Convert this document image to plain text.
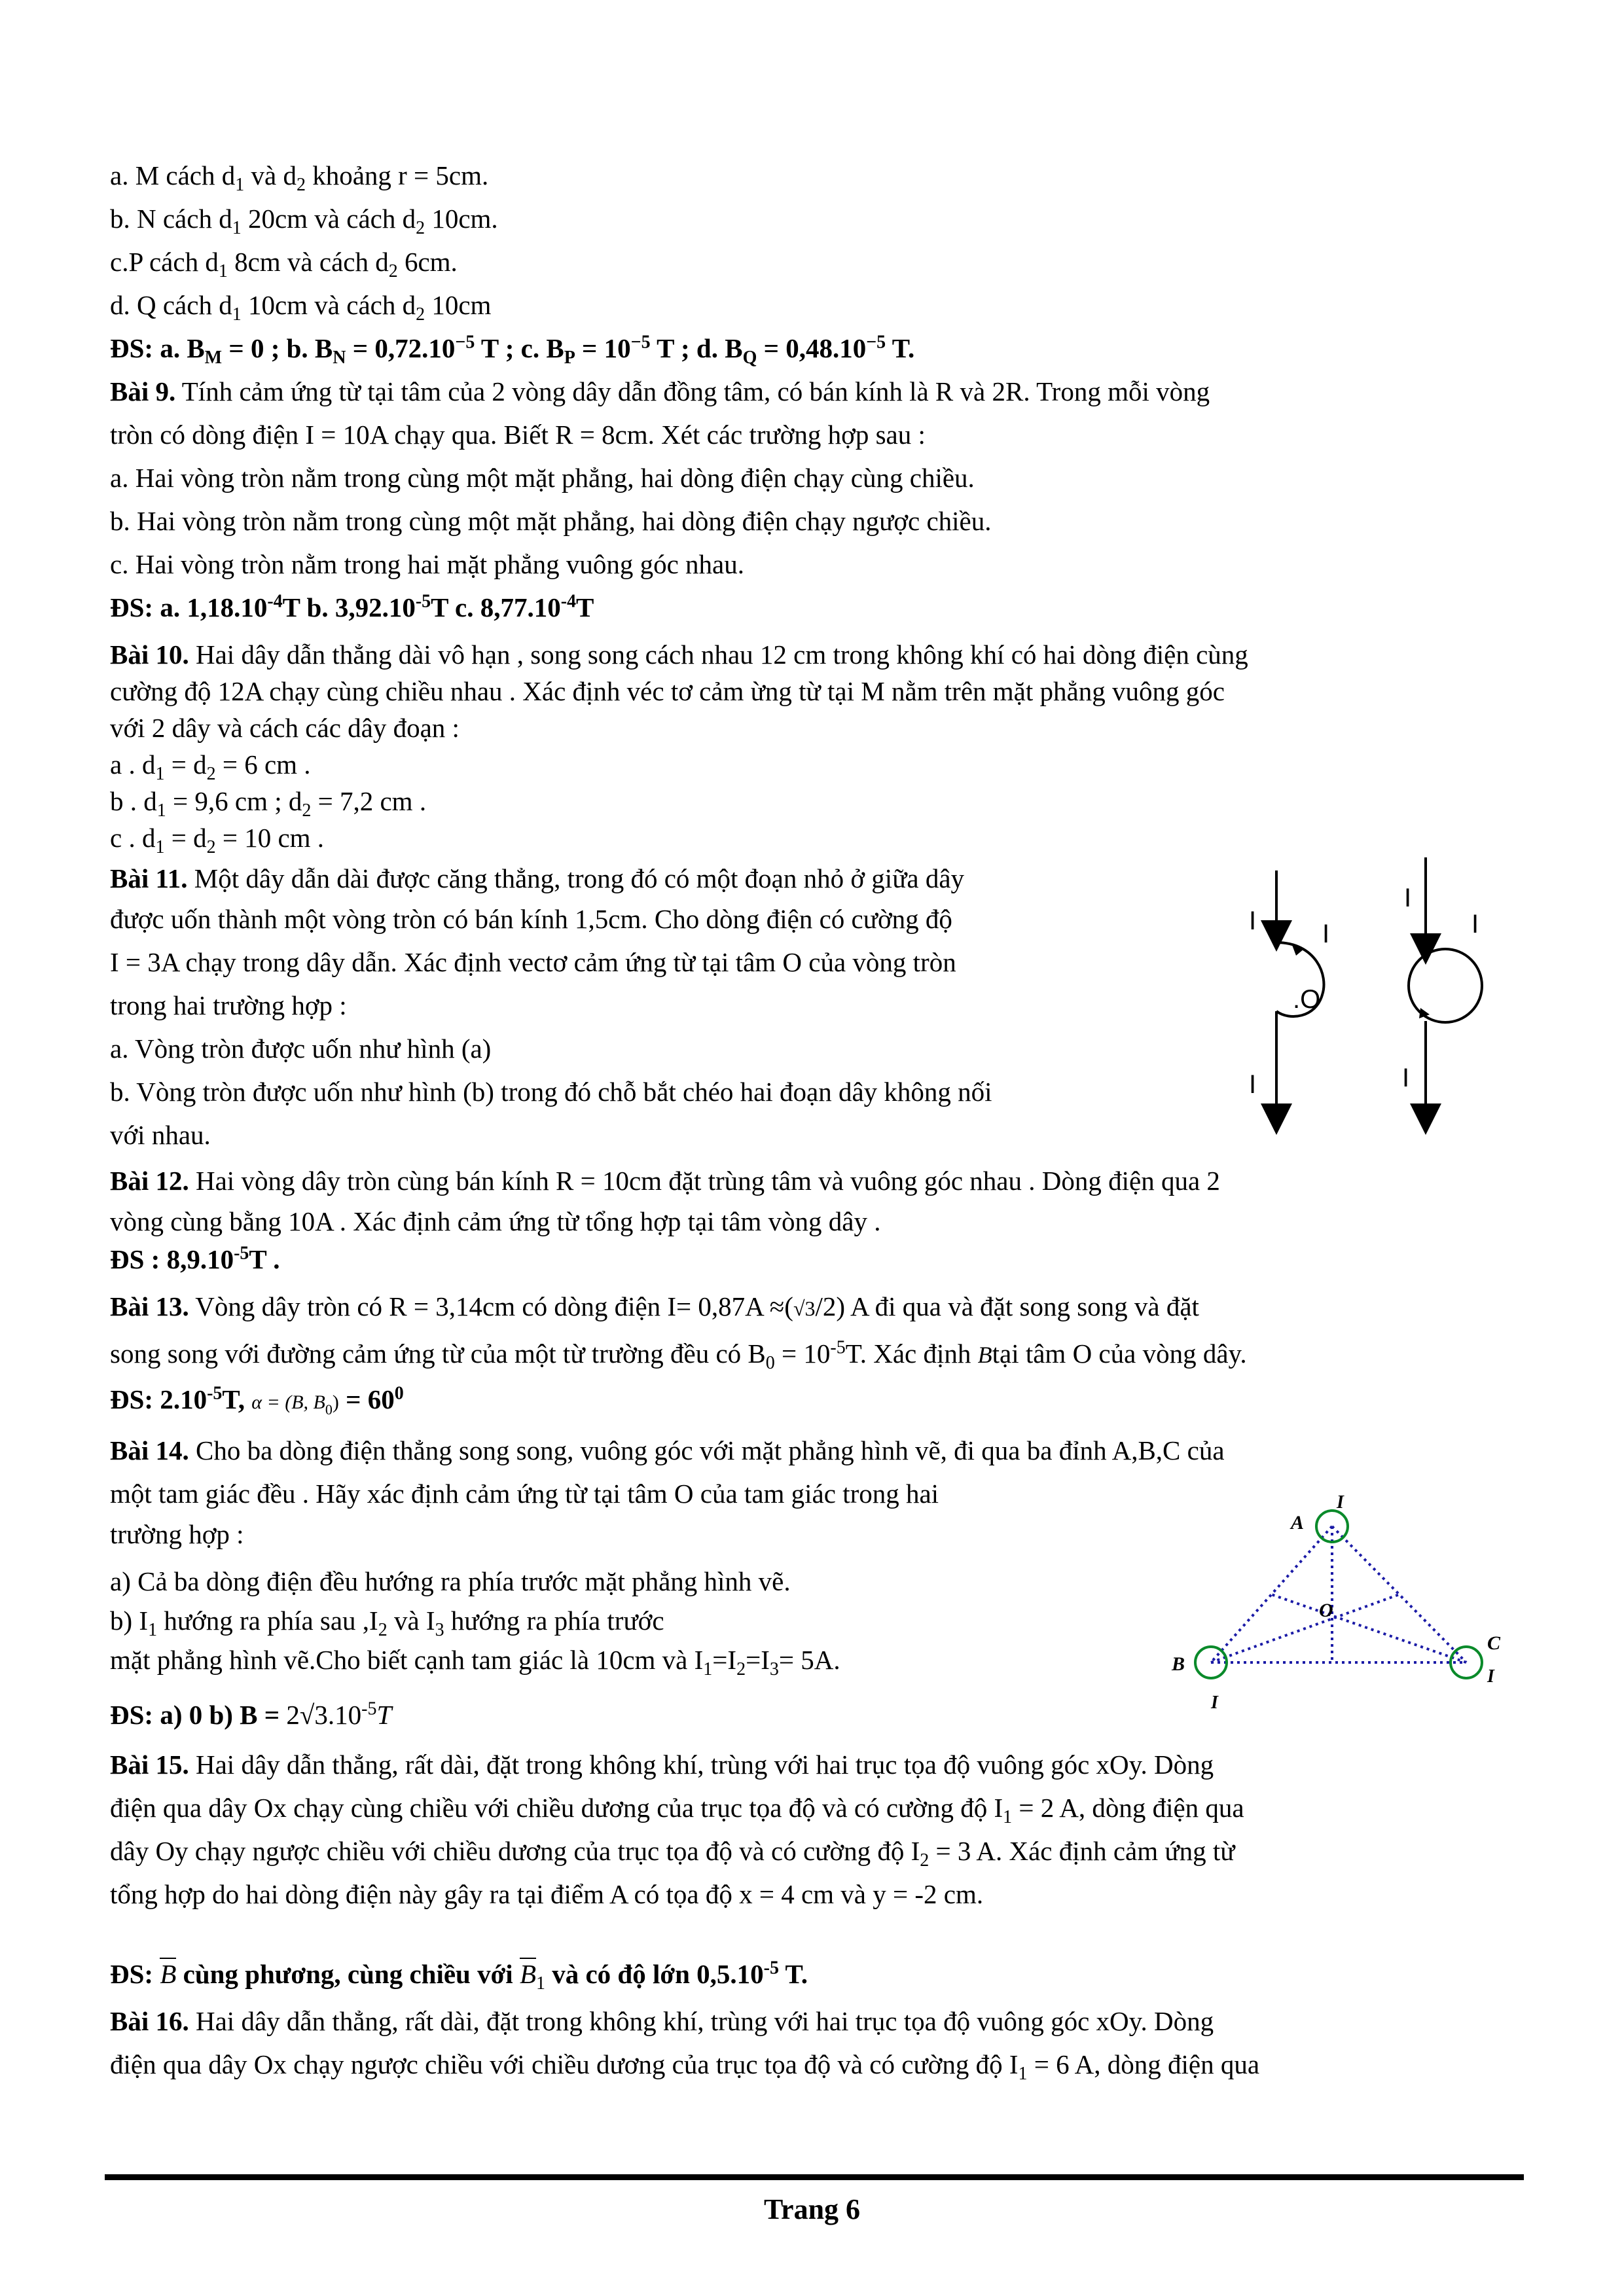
a. M cách $d_1$ và $d_2$ khoảng r = 5cm.
b. N cách $d_1$ 20cm và cách $d_2$ 10cm.
c.P cách $d_1$ 8cm và cách $d_2$ 6cm.
d. Q cách $d_1$ 10cm và cách $d_2$ 10cm
ĐS: a. $B_M = 0$ ; b. $B_N = 0,72.10^{-5}$ T ; c. $B_P = 10^{-5}$ T ; d. $B_Q = 0,48.10^{-5}$ T.
Bài 9. Tính cảm ứng từ tại tâm của 2 vòng dây dẫn đồng tâm, có bán kính là R và 2R. Trong mỗi vòng
tròn có dòng điện I = 10A chạy qua. Biết R = 8cm. Xét các trường hợp sau :
a. Hai vòng tròn nằm trong cùng một mặt phẳng, hai dòng điện chạy cùng chiều.
b. Hai vòng tròn nằm trong cùng một mặt phẳng, hai dòng điện chạy ngược chiều.
c. Hai vòng tròn nằm trong hai mặt phẳng vuông góc nhau.
ĐS: a. $1,18.10^{-4}T$ b. $3,92.10^{-5}T$ c. $8,77.10^{-4}T$
Bài 10. Hai dây dẫn thẳng dài vô hạn , song song cách nhau 12 cm trong không khí có hai dòng điện cùng
cường độ 12A chạy cùng chiều nhau . Xác định véc tơ cảm ừng từ tại M nằm trên mặt phẳng vuông góc
với 2 dây và cách các dây đoạn :
a . $d_1 = d_2 = 6$ cm .
b . $d_1 = 9,6$ cm ; $d_2 = 7,2$ cm .
c . $d_1 = d_2 = 10$ cm .
Bài 11. Một dây dẫn dài được căng thẳng, trong đó có một đoạn nhỏ ở giữa dây
được uốn thành một vòng tròn có bán kính 1,5cm. Cho dòng điện có cường độ
I = 3A chạy trong dây dẫn. Xác định vectơ cảm ứng từ tại tâm O của vòng tròn
trong hai trường hợp :
a. Vòng tròn được uốn như hình (a)
b. Vòng tròn được uốn như hình (b) trong đó chỗ bắt chéo hai đoạn dây không nối
với nhau.
I	I
I
.O
I
I
I
Bài 12. Hai vòng dây tròn cùng bán kính R = 10cm đặt trùng tâm và vuông góc nhau . Dòng điện qua 2
vòng cùng bằng 10A . Xác định cảm ứng từ tổng hợp tại tâm vòng dây .
ĐS : $8,9.10^{-5}T$ .
Bài 13. Vòng dây tròn có R = 3,14cm có dòng điện I= 0,87A ≈(√3/2) A đi qua và đặt song song và đặt
song song với đường cảm ứng từ của một từ trường đều có $B_0 = 10^{-5}T$. Xác định Btại tâm O của vòng dây.
ĐS: $2.10^{-5}T$, α = (B, $B_0) = 60^0$
Bài 14. Cho ba dòng điện thẳng song song, vuông góc với mặt phẳng hình vẽ, đi qua ba đỉnh A,B,C của
một tam giác đều . Hãy xác định cảm ứng từ tại tâm O của tam giác trong hai
trường hợp :
a) Cả ba dòng điện đều hướng ra phía trước mặt phẳng hình vẽ.
b) $I_1$ hướng ra phía sau $,I_2$ và $I_3$ hướng ra phía trước
mặt phẳng hình vẽ.Cho biết cạnh tam giác là 10cm và $I_1=I_2=I_3= 5A$.
ĐS: a) 0 b) $B = 2√3.10^{-5}T$
A
I
O
B
I
C
I
Bài 15. Hai dây dẫn thẳng, rất dài, đặt trong không khí, trùng với hai trục tọa độ vuông góc xOy. Dòng
điện qua dây Ox chạy cùng chiều với chiều dương của trục tọa độ và có cường độ $I_1 = 2$ A, dòng điện qua
dây Oy chạy ngược chiều với chiều dương của trục tọa độ và có cường độ $I_2 = 3$ A. Xác định cảm ứng từ
tổng hợp do hai dòng điện này gây ra tại điểm A có tọa độ x = 4 cm và y = -2 cm.
ĐS: B cùng phương, cùng chiều với $B_1$ và có độ lớn $0,5.10^{-5}$ T.
Bài 16. Hai dây dẫn thẳng, rất dài, đặt trong không khí, trùng với hai trục tọa độ vuông góc xOy. Dòng
điện qua dây Ox chạy ngược chiều với chiều dương của trục tọa độ và có cường độ $I_1 = 6$ A, dòng điện qua
Trang 6
